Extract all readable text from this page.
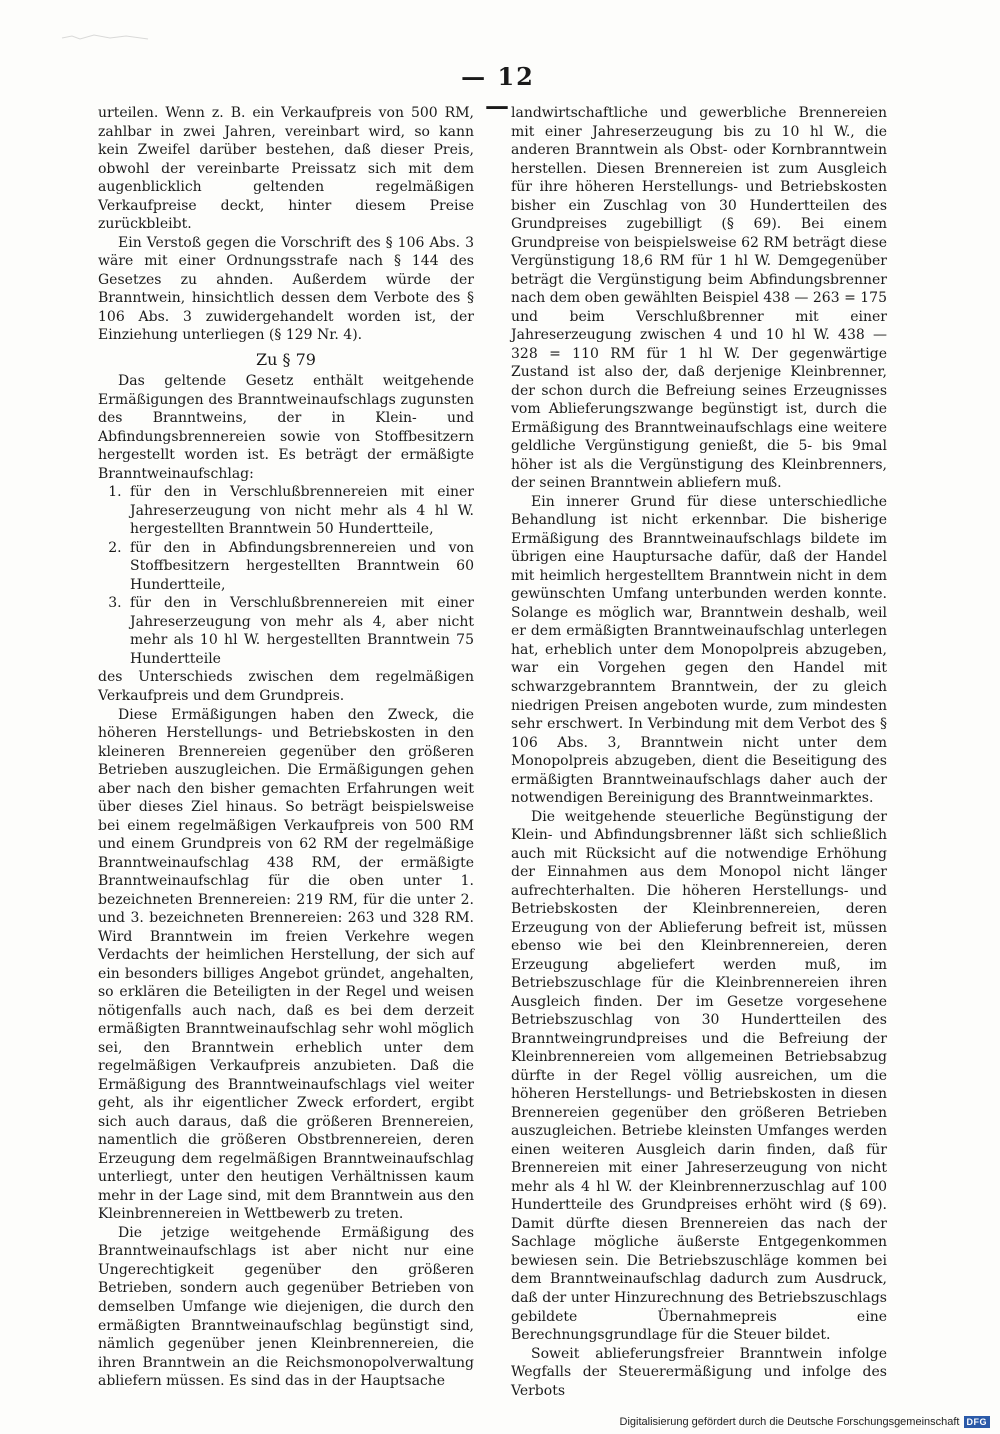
— 12 —

urteilen. Wenn z. B. ein Verkaufpreis von 500 RM, zahlbar in zwei Jahren, vereinbart wird, so kann kein Zweifel darüber bestehen, daß dieser Preis, obwohl der vereinbarte Preissatz sich mit dem augenblicklich geltenden regelmäßigen Verkaufpreise deckt, hinter diesem Preise zurückbleibt.

Ein Verstoß gegen die Vorschrift des § 106 Abs. 3 wäre mit einer Ordnungsstrafe nach § 144 des Gesetzes zu ahnden. Außerdem würde der Branntwein, hinsichtlich dessen dem Verbote des § 106 Abs. 3 zuwidergehandelt worden ist, der Einziehung unterliegen (§ 129 Nr. 4).

Zu § 79

Das geltende Gesetz enthält weitgehende Ermäßigungen des Branntweinaufschlags zugunsten des Branntweins, der in Klein- und Abfindungsbrennereien sowie von Stoffbesitzern hergestellt worden ist. Es beträgt der ermäßigte Branntweinaufschlag:

1. für den in Verschlußbrennereien mit einer Jahreserzeugung von nicht mehr als 4 hl W. hergestellten Branntwein 50 Hundertteile,
2. für den in Abfindungsbrennereien und von Stoffbesitzern hergestellten Branntwein 60 Hundertteile,
3. für den in Verschlußbrennereien mit einer Jahreserzeugung von mehr als 4, aber nicht mehr als 10 hl W. hergestellten Branntwein 75 Hundertteile

des Unterschieds zwischen dem regelmäßigen Verkaufpreis und dem Grundpreis.

Diese Ermäßigungen haben den Zweck, die höheren Herstellungs- und Betriebskosten in den kleineren Brennereien gegenüber den größeren Betrieben auszugleichen. Die Ermäßigungen gehen aber nach den bisher gemachten Erfahrungen weit über dieses Ziel hinaus. So beträgt beispielsweise bei einem regelmäßigen Verkaufpreis von 500 RM und einem Grundpreis von 62 RM der regelmäßige Branntweinaufschlag 438 RM, der ermäßigte Branntweinaufschlag für die oben unter 1. bezeichneten Brennereien: 219 RM, für die unter 2. und 3. bezeichneten Brennereien: 263 und 328 RM. Wird Branntwein im freien Verkehre wegen Verdachts der heimlichen Herstellung, der sich auf ein besonders billiges Angebot gründet, angehalten, so erklären die Beteiligten in der Regel und weisen nötigenfalls auch nach, daß es bei dem derzeit ermäßigten Branntweinaufschlag sehr wohl möglich sei, den Branntwein erheblich unter dem regelmäßigen Verkaufpreis anzubieten. Daß die Ermäßigung des Branntweinaufschlags viel weiter geht, als ihr eigentlicher Zweck erfordert, ergibt sich auch daraus, daß die größeren Brennereien, namentlich die größeren Obstbrennereien, deren Erzeugung dem regelmäßigen Branntweinaufschlag unterliegt, unter den heutigen Verhältnissen kaum mehr in der Lage sind, mit dem Branntwein aus den Kleinbrennereien in Wettbewerb zu treten.

Die jetzige weitgehende Ermäßigung des Branntweinaufschlags ist aber nicht nur eine Ungerechtigkeit gegenüber den größeren Betrieben, sondern auch gegenüber Betrieben von demselben Umfange wie diejenigen, die durch den ermäßigten Branntweinaufschlag begünstigt sind, nämlich gegenüber jenen Kleinbrennereien, die ihren Branntwein an die Reichsmonopolverwaltung abliefern müssen. Es sind das in der Hauptsache

landwirtschaftliche und gewerbliche Brennereien mit einer Jahreserzeugung bis zu 10 hl W., die anderen Branntwein als Obst- oder Kornbranntwein herstellen. Diesen Brennereien ist zum Ausgleich für ihre höheren Herstellungs- und Betriebskosten bisher ein Zuschlag von 30 Hundertteilen des Grundpreises zugebilligt (§ 69). Bei einem Grundpreise von beispielsweise 62 RM beträgt diese Vergünstigung 18,6 RM für 1 hl W. Demgegenüber beträgt die Vergünstigung beim Abfindungsbrenner nach dem oben gewählten Beispiel 438 — 263 = 175 und beim Verschlußbrenner mit einer Jahreserzeugung zwischen 4 und 10 hl W. 438 — 328 = 110 RM für 1 hl W. Der gegenwärtige Zustand ist also der, daß derjenige Kleinbrenner, der schon durch die Befreiung seines Erzeugnisses vom Ablieferungszwange begünstigt ist, durch die Ermäßigung des Branntweinaufschlags eine weitere geldliche Vergünstigung genießt, die 5- bis 9mal höher ist als die Vergünstigung des Kleinbrenners, der seinen Branntwein abliefern muß.

Ein innerer Grund für diese unterschiedliche Behandlung ist nicht erkennbar. Die bisherige Ermäßigung des Branntweinaufschlags bildete im übrigen eine Hauptursache dafür, daß der Handel mit heimlich hergestelltem Branntwein nicht in dem gewünschten Umfang unterbunden werden konnte. Solange es möglich war, Branntwein deshalb, weil er dem ermäßigten Branntweinaufschlag unterlegen hat, erheblich unter dem Monopolpreis abzugeben, war ein Vorgehen gegen den Handel mit schwarzgebranntem Branntwein, der zu gleich niedrigen Preisen angeboten wurde, zum mindesten sehr erschwert. In Verbindung mit dem Verbot des § 106 Abs. 3, Branntwein nicht unter dem Monopolpreis abzugeben, dient die Beseitigung des ermäßigten Branntweinaufschlags daher auch der notwendigen Bereinigung des Branntweinmarktes.

Die weitgehende steuerliche Begünstigung der Klein- und Abfindungsbrenner läßt sich schließlich auch mit Rücksicht auf die notwendige Erhöhung der Einnahmen aus dem Monopol nicht länger aufrechterhalten. Die höheren Herstellungs- und Betriebskosten der Kleinbrennereien, deren Erzeugung von der Ablieferung befreit ist, müssen ebenso wie bei den Kleinbrennereien, deren Erzeugung abgeliefert werden muß, im Betriebszuschlage für die Kleinbrennereien ihren Ausgleich finden. Der im Gesetze vorgesehene Betriebszuschlag von 30 Hundertteilen des Branntweingrundpreises und die Befreiung der Kleinbrennereien vom allgemeinen Betriebsabzug dürfte in der Regel völlig ausreichen, um die höheren Herstellungs- und Betriebskosten in diesen Brennereien gegenüber den größeren Betrieben auszugleichen. Betriebe kleinsten Umfanges werden einen weiteren Ausgleich darin finden, daß für Brennereien mit einer Jahreserzeugung von nicht mehr als 4 hl W. der Kleinbrennerzuschlag auf 100 Hundertteile des Grundpreises erhöht wird (§ 69). Damit dürfte diesen Brennereien das nach der Sachlage mögliche äußerste Entgegenkommen bewiesen sein. Die Betriebszuschläge kommen bei dem Branntweinaufschlag dadurch zum Ausdruck, daß der unter Hinzurechnung des Betriebszuschlags gebildete Übernahmepreis eine Berechnungsgrundlage für die Steuer bildet.

Soweit ablieferungsfreier Branntwein infolge Wegfalls der Steuerermäßigung und infolge des Verbots

Digitalisierung gefördert durch die Deutsche Forschungsgemeinschaft DFG
